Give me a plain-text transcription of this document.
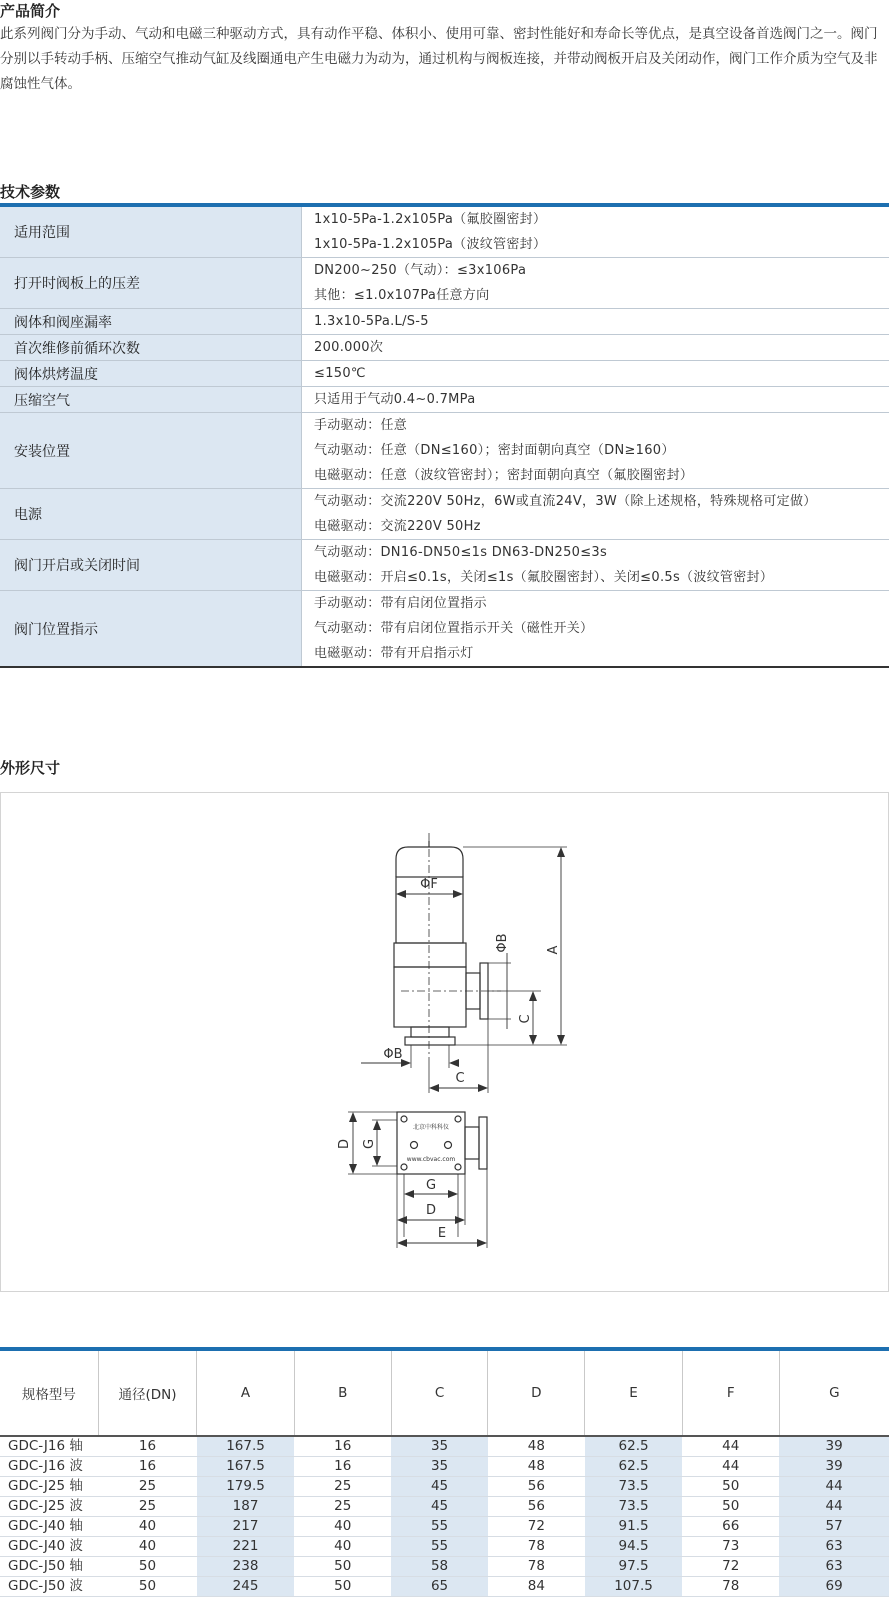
产品简介
此系列阀门分为手动、气动和电磁三种驱动方式，具有动作平稳、体积小、使用可靠、密封性能好和寿命长等优点，是真空设备首选阀门之一。阀门分别以手转动手柄、压缩空气推动气缸及线圈通电产生电磁力为动为，通过机构与阀板连接，并带动阀板开启及关闭动作，阀门工作介质为空气及非腐蚀性气体。
技术参数
适用范围	1x10-5Pa-1.2x105Pa（氟胶圈密封）
1x10-5Pa-1.2x105Pa（波纹管密封）

打开时阀板上的压差	DN200~250（气动）：≤3x106Pa
其他：≤1.0x107Pa任意方向

阀体和阀座漏率	1.3x10-5Pa.L/S-5

首次维修前循环次数	200.000次

阀体烘烤温度	≤150℃

压缩空气	只适用于气动0.4~0.7MPa

安装位置	手动驱动：任意
气动驱动：任意（DN≤160）；密封面朝向真空（DN≥160）
电磁驱动：任意（波纹管密封）；密封面朝向真空（氟胶圈密封）

电源	气动驱动：交流220V 50Hz，6W或直流24V，3W（除上述规格，特殊规格可定做）
电磁驱动：交流220V 50Hz

阀门开启或关闭时间	气动驱动：DN16-DN50≤1s DN63-DN250≤3s
电磁驱动：开启≤0.1s，关闭≤1s（氟胶圈密封）、关闭≤0.5s（波纹管密封）

阀门位置指示	手动驱动：带有启闭位置指示
气动驱动：带有启闭位置指示开关（磁性开关）
电磁驱动：带有开启指示灯
外形尺寸
A
C
ΦB
ΦF
ΦB
C
北京中科科仪
www.cbvac.com
D G
G
D
E
规格型号	通径(DN)	A	B	C	D	E	F	G
GDC-J16 轴	16	167.5	16	35	48	62.5	44	39
GDC-J16 波	16	167.5	16	35	48	62.5	44	39
GDC-J25 轴	25	179.5	25	45	56	73.5	50	44
GDC-J25 波	25	187	25	45	56	73.5	50	44
GDC-J40 轴	40	217	40	55	72	91.5	66	57
GDC-J40 波	40	221	40	55	78	94.5	73	63
GDC-J50 轴	50	238	50	58	78	97.5	72	63
GDC-J50 波	50	245	50	65	84	107.5	78	69
